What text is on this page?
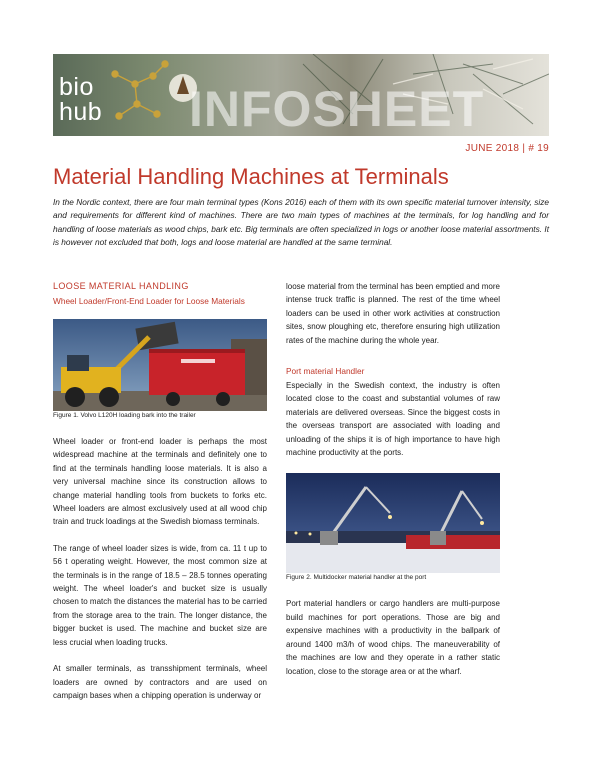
bio
hub INFOSHEET
JUNE 2018 | # 19
Material Handling Machines at Terminals

In the Nordic context, there are four main terminal types (Kons 2016) each of them with its own specific material turnover intensity, size and requirements for different kind of machines. There are two main types of machines at the terminals, for log handling and for handling of loose materials as wood chips, bark etc. Big terminals are often specialized in logs or another loose material assortments. It is however not excluded that both, logs and loose material are handled at the same terminal.

LOOSE MATERIAL HANDLING
Wheel Loader/Front-End Loader for Loose Materials

Figure 1. Volvo L120H loading bark into the trailer

Wheel loader or front-end loader is perhaps the most widespread machine at the terminals and definitely one to find at the terminals handling loose materials. It is also a very universal machine since its construction allows to change material handling tools from buckets to forks etc. Wheel loaders are almost exclusively used at all wood chip train and truck loadings at the Swedish biomass terminals.

The range of wheel loader sizes is wide, from ca. 11 t up to 56 t operating weight. However, the most common size at the terminals is in the range of 18.5 – 28.5 tonnes operating weight. The wheel loader's and bucket size is usually chosen to match the distances the material has to be carried from the storage area to the train. The longer distance, the bigger bucket is used. The machine and bucket size are less crucial when loading trucks.

At smaller terminals, as transshipment terminals, wheel loaders are owned by contractors and are used on campaign bases when a chipping operation is underway or

loose material from the terminal has been emptied and more intense truck traffic is planned. The rest of the time wheel loaders can be used in other work activities at construction sites, snow ploughing etc, therefore ensuring high utilization rates of the machine during the whole year.

Port material Handler

Especially in the Swedish context, the industry is often located close to the coast and substantial volumes of raw materials are delivered overseas. Since the biggest costs in the overseas transport are associated with loading and unloading of the ships it is of high importance to have high machine productivity at the ports.

Figure 2. Multidocker material handler at the port

Port material handlers or cargo handlers are multi-purpose build machines for port operations. Those are big and expensive machines with a productivity in the ballpark of around 1400 m3/h of wood chips. The maneuverability of the machines are low and they operate in a rather static location, close to the storage area or at the wharf.
